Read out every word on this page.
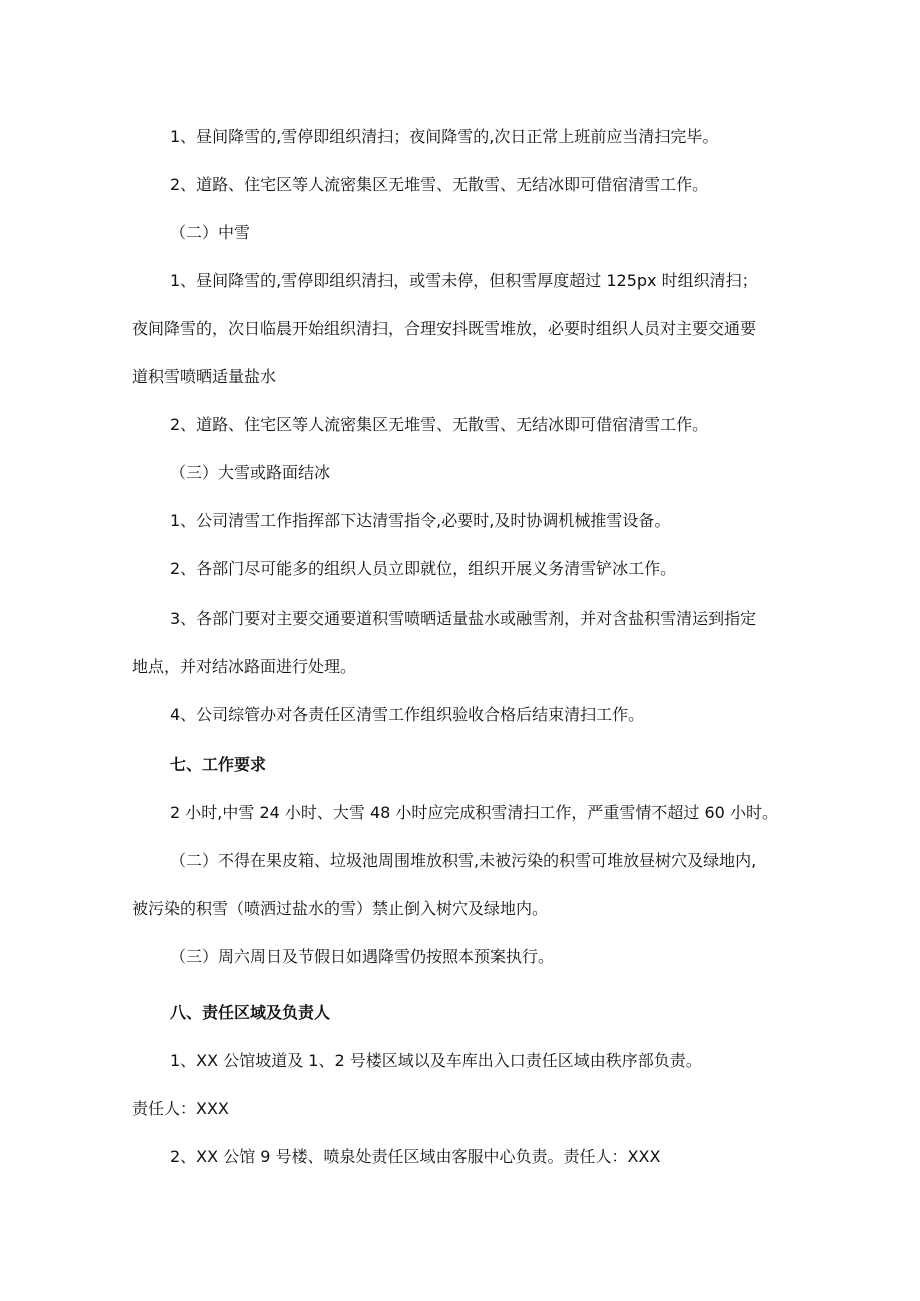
1、昼间降雪的,雪停即组织清扫；夜间降雪的,次日正常上班前应当清扫完毕。

2、道路、住宅区等人流密集区无堆雪、无散雪、无结冰即可借宿清雪工作。

（二）中雪

1、昼间降雪的,雪停即组织清扫，或雪未停，但积雪厚度超过 125px 时组织清扫；

夜间降雪的，次日临晨开始组织清扫，合理安抖既雪堆放，必要时组织人员对主要交通要

道积雪喷晒适量盐水

2、道路、住宅区等人流密集区无堆雪、无散雪、无结冰即可借宿清雪工作。

（三）大雪或路面结冰

1、公司清雪工作指挥部下达清雪指令,必要时,及时协调机械推雪设备。

2、各部门尽可能多的组织人员立即就位，组织开展义务清雪铲冰工作。

3、各部门要对主要交通要道积雪喷晒适量盐水或融雪剂，并对含盐积雪清运到指定

地点，并对结冰路面进行处理。

4、公司综管办对各责任区清雪工作组织验收合格后结束清扫工作。

七、工作要求

2 小时,中雪 24 小时、大雪 48 小时应完成积雪清扫工作，严重雪情不超过 60 小时。

（二）不得在果皮箱、垃圾池周围堆放积雪,未被污染的积雪可堆放昼树穴及绿地内,

被污染的积雪（喷洒过盐水的雪）禁止倒入树穴及绿地内。

（三）周六周日及节假日如遇降雪仍按照本预案执行。

八、责任区域及负责人

1、XX 公馆坡道及 1、2 号楼区域以及车库出入口责任区域由秩序部负责。

责任人：XXX

2、XX 公馆 9 号楼、喷泉处责任区域由客服中心负责。责任人：XXX
